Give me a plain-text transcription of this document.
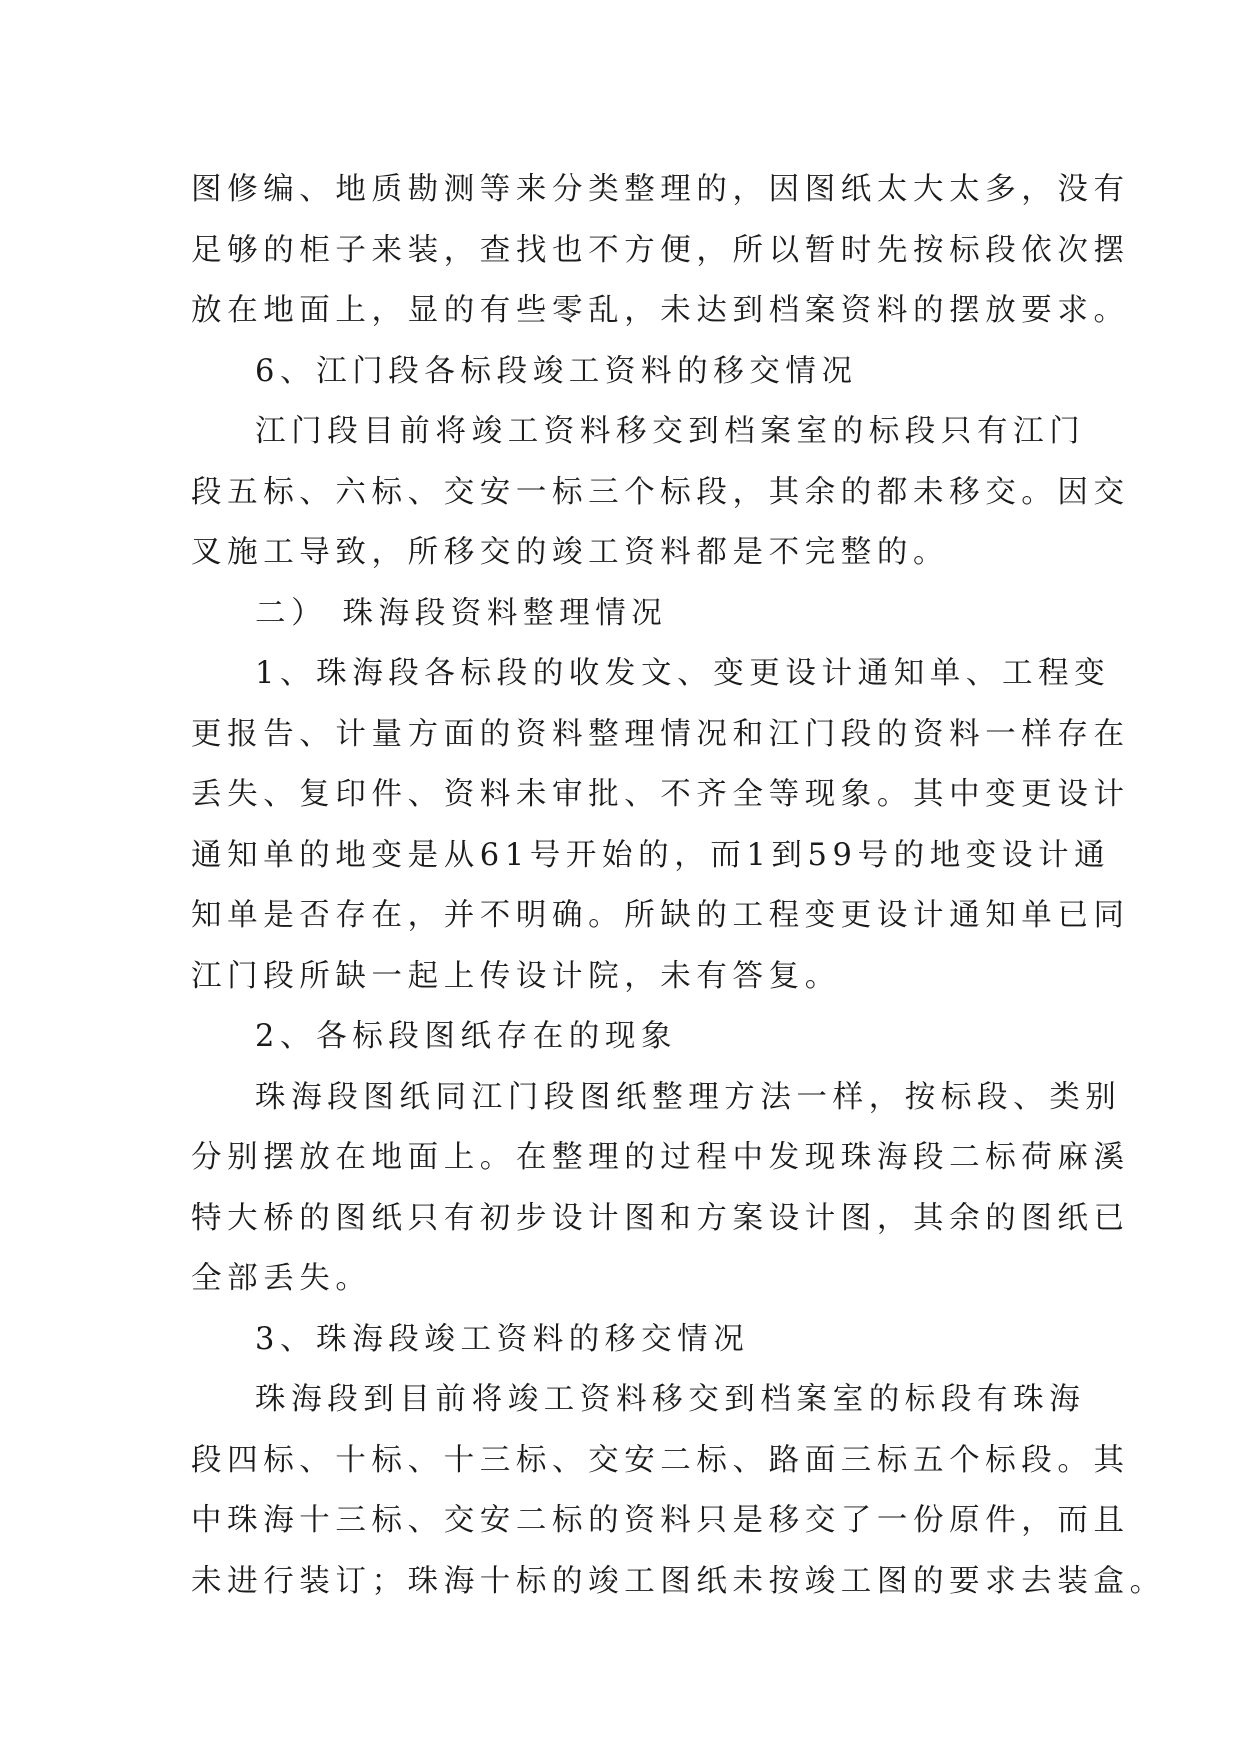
图修编、地质勘测等来分类整理的，因图纸太大太多，没有
足够的柜子来装，查找也不方便，所以暂时先按标段依次摆
放在地面上，显的有些零乱，未达到档案资料的摆放要求。
6、江门段各标段竣工资料的移交情况
江门段目前将竣工资料移交到档案室的标段只有江门
段五标、六标、交安一标三个标段，其余的都未移交。因交
叉施工导致，所移交的竣工资料都是不完整的。
二） 珠海段资料整理情况
1、珠海段各标段的收发文、变更设计通知单、工程变
更报告、计量方面的资料整理情况和江门段的资料一样存在
丢失、复印件、资料未审批、不齐全等现象。其中变更设计
通知单的地变是从61号开始的，而1到59号的地变设计通
知单是否存在，并不明确。所缺的工程变更设计通知单已同
江门段所缺一起上传设计院，未有答复。
2、各标段图纸存在的现象
珠海段图纸同江门段图纸整理方法一样，按标段、类别
分别摆放在地面上。在整理的过程中发现珠海段二标荷麻溪
特大桥的图纸只有初步设计图和方案设计图，其余的图纸已
全部丢失。
3、珠海段竣工资料的移交情况
珠海段到目前将竣工资料移交到档案室的标段有珠海
段四标、十标、十三标、交安二标、路面三标五个标段。其
中珠海十三标、交安二标的资料只是移交了一份原件，而且
未进行装订；珠海十标的竣工图纸未按竣工图的要求去装盒。
